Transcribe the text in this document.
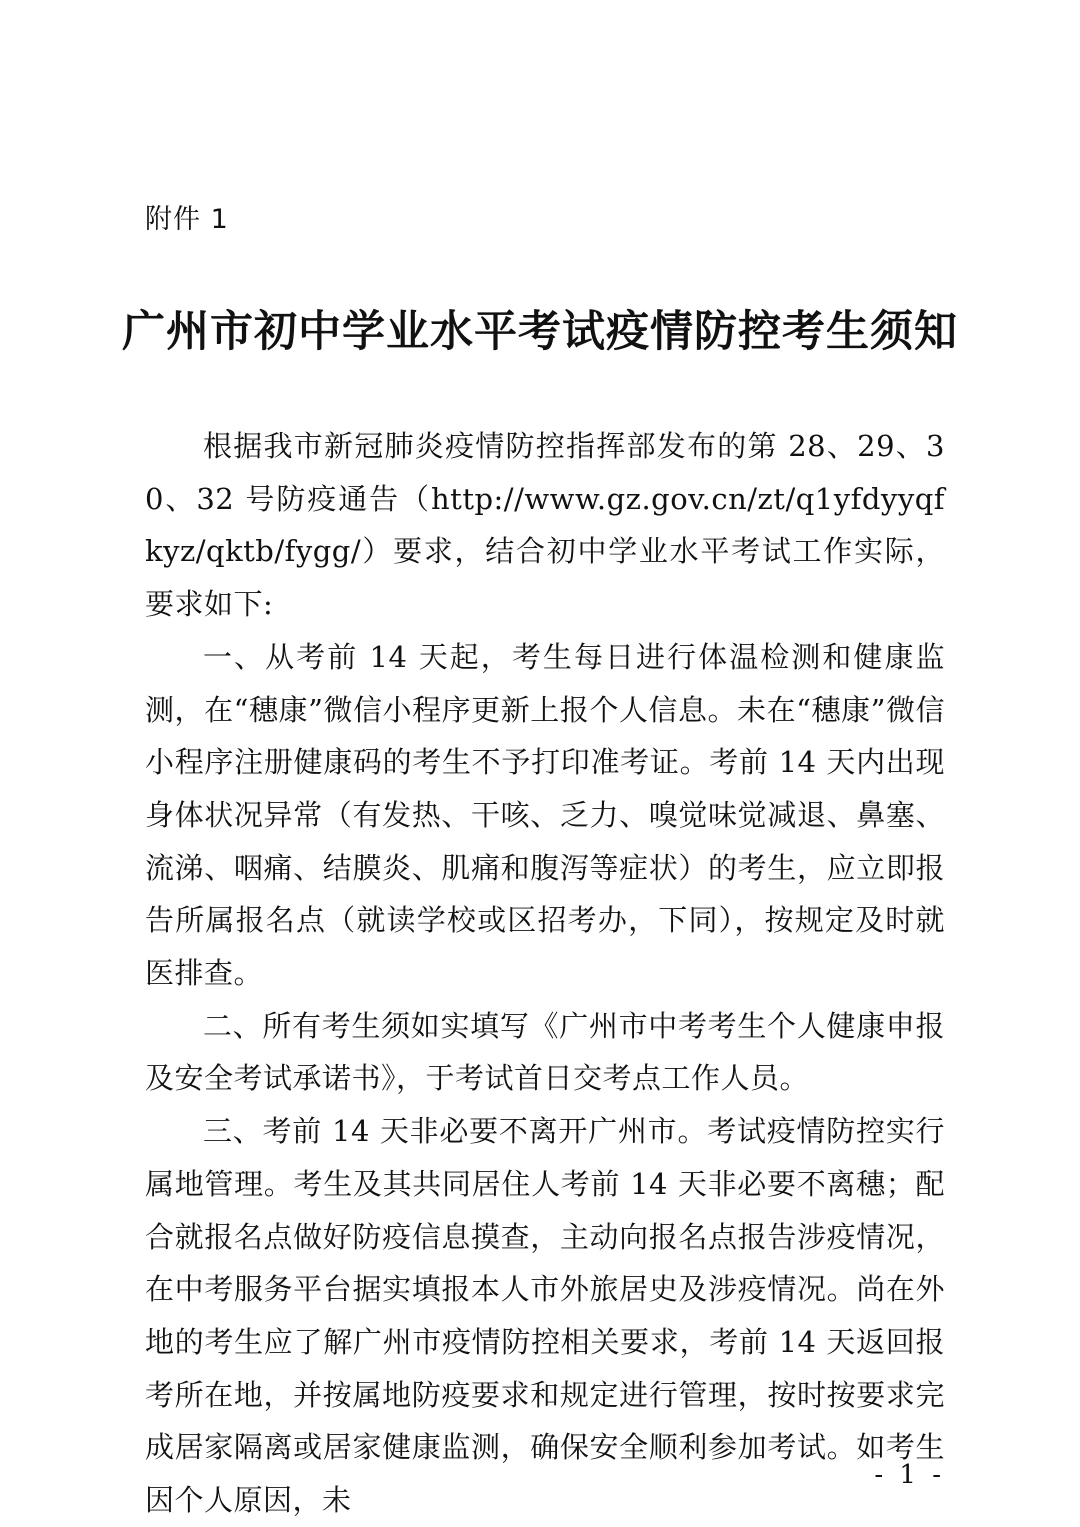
附件 1
广州市初中学业水平考试疫情防控考生须知

根据我市新冠肺炎疫情防控指挥部发布的第 28、29、30、32 号防疫通告（http://www.gz.gov.cn/zt/q1yfdyyqfkyz/qktb/fygg/）要求，结合初中学业水平考试工作实际，要求如下:

一、从考前 14 天起，考生每日进行体温检测和健康监测，在“穗康”微信小程序更新上报个人信息。未在“穗康”微信小程序注册健康码的考生不予打印准考证。考前 14 天内出现身体状况异常（有发热、干咳、乏力、嗅觉味觉减退、鼻塞、流涕、咽痛、结膜炎、肌痛和腹泻等症状）的考生，应立即报告所属报名点（就读学校或区招考办，下同），按规定及时就医排查。

二、所有考生须如实填写《广州市中考考生个人健康申报及安全考试承诺书》，于考试首日交考点工作人员。

三、考前 14 天非必要不离开广州市。考试疫情防控实行属地管理。考生及其共同居住人考前 14 天非必要不离穗；配合就报名点做好防疫信息摸查，主动向报名点报告涉疫情况，在中考服务平台据实填报本人市外旅居史及涉疫情况。尚在外地的考生应了解广州市疫情防控相关要求，考前 14 天返回报考所在地，并按属地防疫要求和规定进行管理，按时按要求完成居家隔离或居家健康监测，确保安全顺利参加考试。如考生因个人原因，未

- 1 -
